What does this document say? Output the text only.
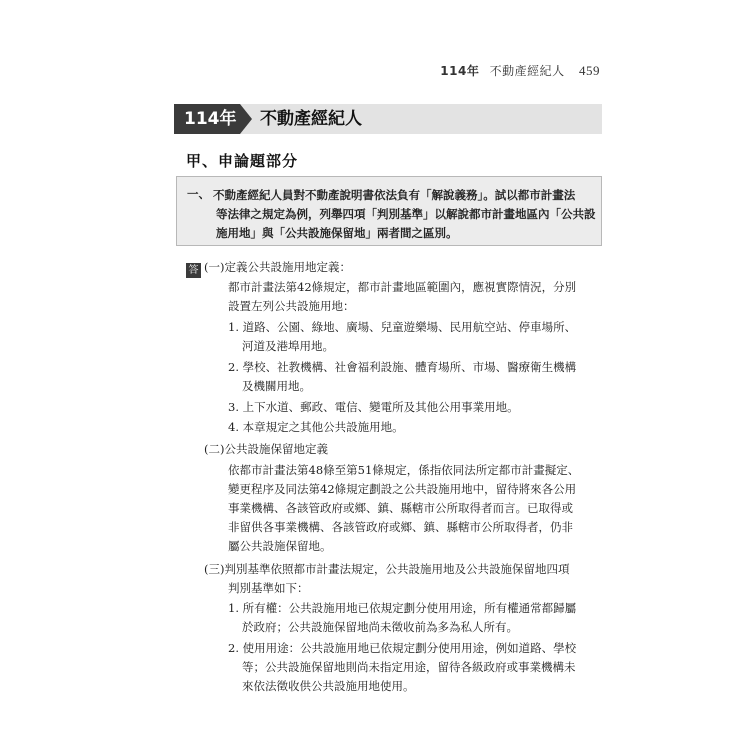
114年 不動產經紀人 459
114年 不動產經紀人
甲、申論題部分
一、 不動產經紀人員對不動產說明書依法負有「解說義務」。試以都市計畫法
等法律之規定為例，列舉四項「判別基準」以解說都市計畫地區內「公共設
施用地」與「公共設施保留地」兩者間之區別。
答 (一)定義公共設施用地定義：
都市計畫法第42條規定，都市計畫地區範圍內，應視實際情況，分別
設置左列公共設施用地：
1. 道路、公園、綠地、廣場、兒童遊樂場、民用航空站、停車場所、
河道及港埠用地。
2. 學校、社教機構、社會福利設施、體育場所、市場、醫療衛生機構
及機關用地。
3. 上下水道、郵政、電信、變電所及其他公用事業用地。
4. 本章規定之其他公共設施用地。
(二)公共設施保留地定義
依都市計畫法第48條至第51條規定，係指依同法所定都市計畫擬定、
變更程序及同法第42條規定劃設之公共設施用地中，留待將來各公用
事業機構、各該管政府或鄉、鎮、縣轄市公所取得者而言。已取得或
非留供各事業機構、各該管政府或鄉、鎮、縣轄市公所取得者，仍非
屬公共設施保留地。
(三)判別基準依照都市計畫法規定，公共設施用地及公共設施保留地四項
判別基準如下：
1. 所有權：公共設施用地已依規定劃分使用用途，所有權通常都歸屬
於政府；公共設施保留地尚未徵收前為多為私人所有。
2. 使用用途：公共設施用地已依規定劃分使用用途，例如道路、學校
等；公共設施保留地則尚未指定用途，留待各級政府或事業機構未
來依法徵收供公共設施用地使用。
